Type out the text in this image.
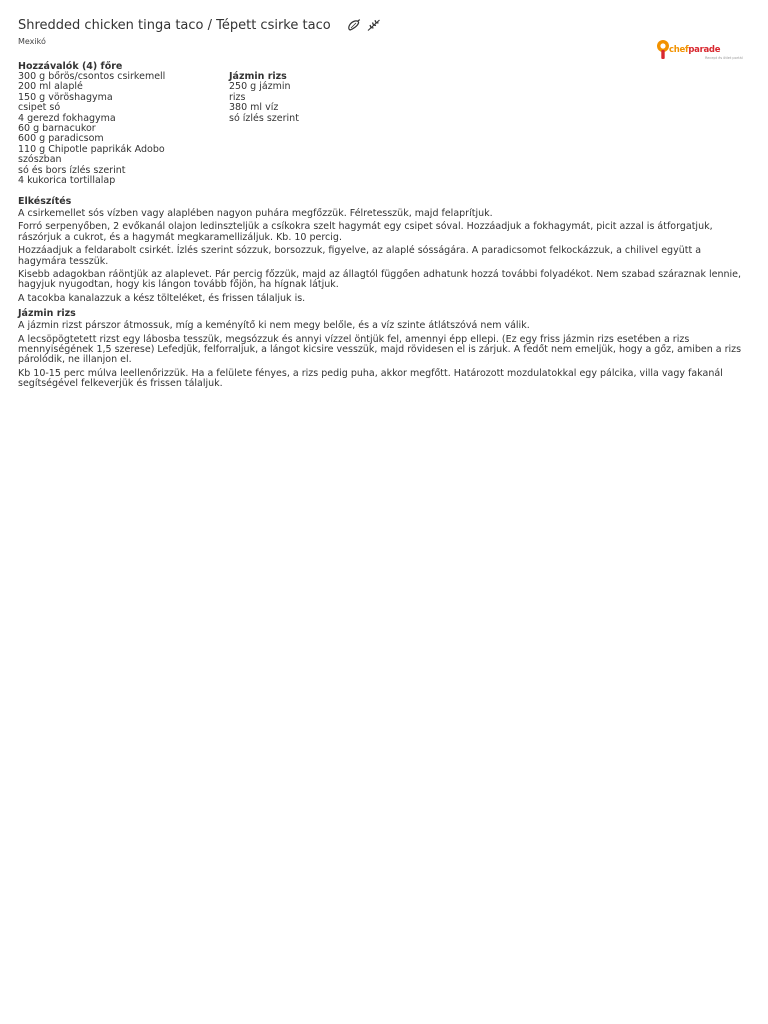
Shredded chicken tinga taco / Tépett csirke taco
Mexikó
Hozzávalók (4) főre
300 g bőrös/csontos csirkemell
200 ml alaplé
150 g vöröshagyma
csipet só
4 gerezd fokhagyma
60 g barnacukor
600 g paradicsom
110 g Chipotle paprikák Adobo
szószban
só és bors ízlés szerint
4 kukorica tortillalap
Jázmin rizs
250 g jázmin
rizs
380 ml víz
só ízlés szerint
Elkészítés
A csirkemellet sós vízben vagy alaplében nagyon puhára megfőzzük. Félretesszük, majd felaprítjuk.
Forró serpenyőben, 2 evőkanál olajon ledinszteljük a csíkokra szelt hagymát egy csipet sóval. Hozzáadjuk a fokhagymát, picit azzal is átforgatjuk, rászórjuk a cukrot, és a hagymát megkaramellizáljuk. Kb. 10 percig.
Hozzáadjuk a feldarabolt csirkét. Ízlés szerint sózzuk, borsozzuk, figyelve, az alaplé sósságára. A paradicsomot felkockázzuk, a chilivel együtt a hagymára tesszük.
Kisebb adagokban ráöntjük az alaplevet. Pár percig főzzük, majd az állagtól függően adhatunk hozzá további folyadékot. Nem szabad száraznak lennie, hagyjuk nyugodtan, hogy kis lángon tovább főjön, ha hígnak látjuk.
A tacokba kanalazzuk a kész tölteléket, és frissen tálaljuk is.
Jázmin rizs
A jázmin rizst párszor átmossuk, míg a keményítő ki nem megy belőle, és a víz szinte átlátszóvá nem válik.
A lecsöpögtetett rizst egy lábosba tesszük, megsózzuk és annyi vízzel öntjük fel, amennyi épp ellepi. (Ez egy friss jázmin rizs esetében a rizs mennyiségének 1,5 szerese) Lefedjük, felforraljuk, a lángot kicsire vesszük, majd rövidesen el is zárjuk. A fedőt nem emeljük, hogy a gőz, amiben a rizs párolódik, ne illanjon el.
Kb 10-15 perc múlva leellenőrizzük. Ha a felülete fényes, a rizs pedig puha, akkor megfőtt. Határozott mozdulatokkal egy pálcika, villa vagy fakanál segítségével felkeverjük és frissen tálaljuk.
chefparade
Recept és ötlet portál
